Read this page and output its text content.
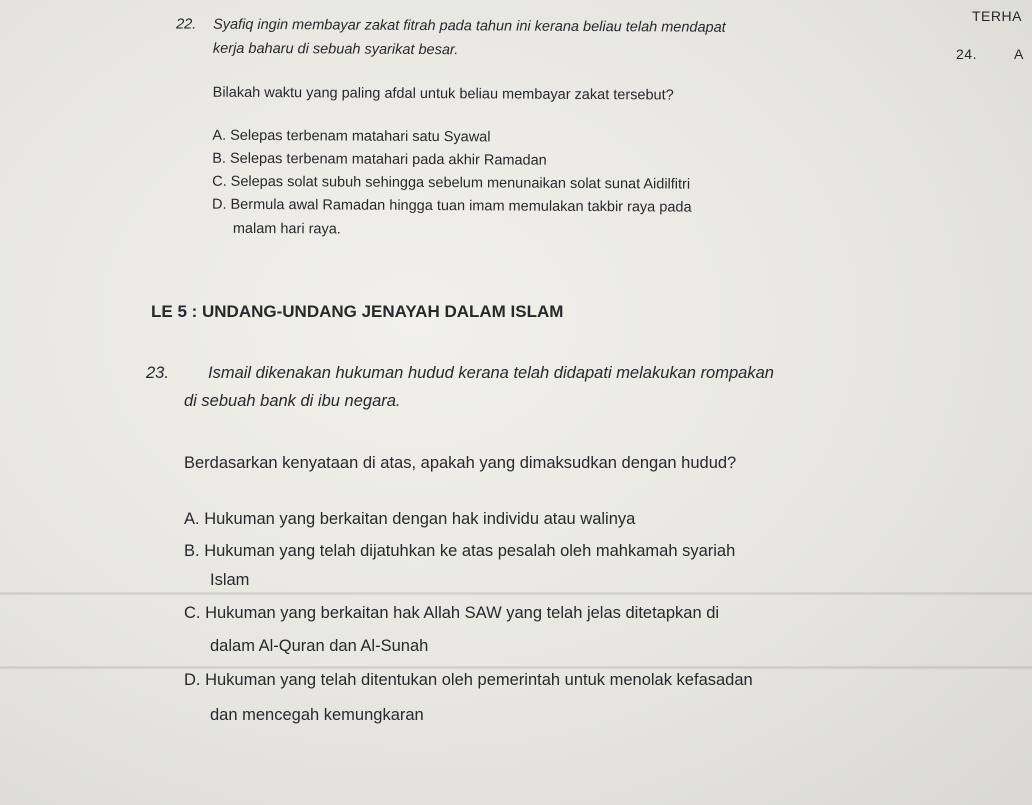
TERHA
24.	A
22. Syafiq ingin membayar zakat fitrah pada tahun ini kerana beliau telah mendapat
kerja baharu di sebuah syarikat besar.
Bilakah waktu yang paling afdal untuk beliau membayar zakat tersebut?
A. Selepas terbenam matahari satu Syawal
B. Selepas terbenam matahari pada akhir Ramadan
C. Selepas solat subuh sehingga sebelum menunaikan solat sunat Aidilfitri
D. Bermula awal Ramadan hingga tuan imam memulakan takbir raya pada
malam hari raya.
LE 5 : UNDANG-UNDANG JENAYAH DALAM ISLAM
23. Ismail dikenakan hukuman hudud kerana telah didapati melakukan rompakan
di sebuah bank di ibu negara.
Berdasarkan kenyataan di atas, apakah yang dimaksudkan dengan hudud?
A. Hukuman yang berkaitan dengan hak individu atau walinya
B. Hukuman yang telah dijatuhkan ke atas pesalah oleh mahkamah syariah
Islam
C. Hukuman yang berkaitan hak Allah SAW yang telah jelas ditetapkan di
dalam Al-Quran dan Al-Sunah
D. Hukuman yang telah ditentukan oleh pemerintah untuk menolak kefasadan
dan mencegah kemungkaran
